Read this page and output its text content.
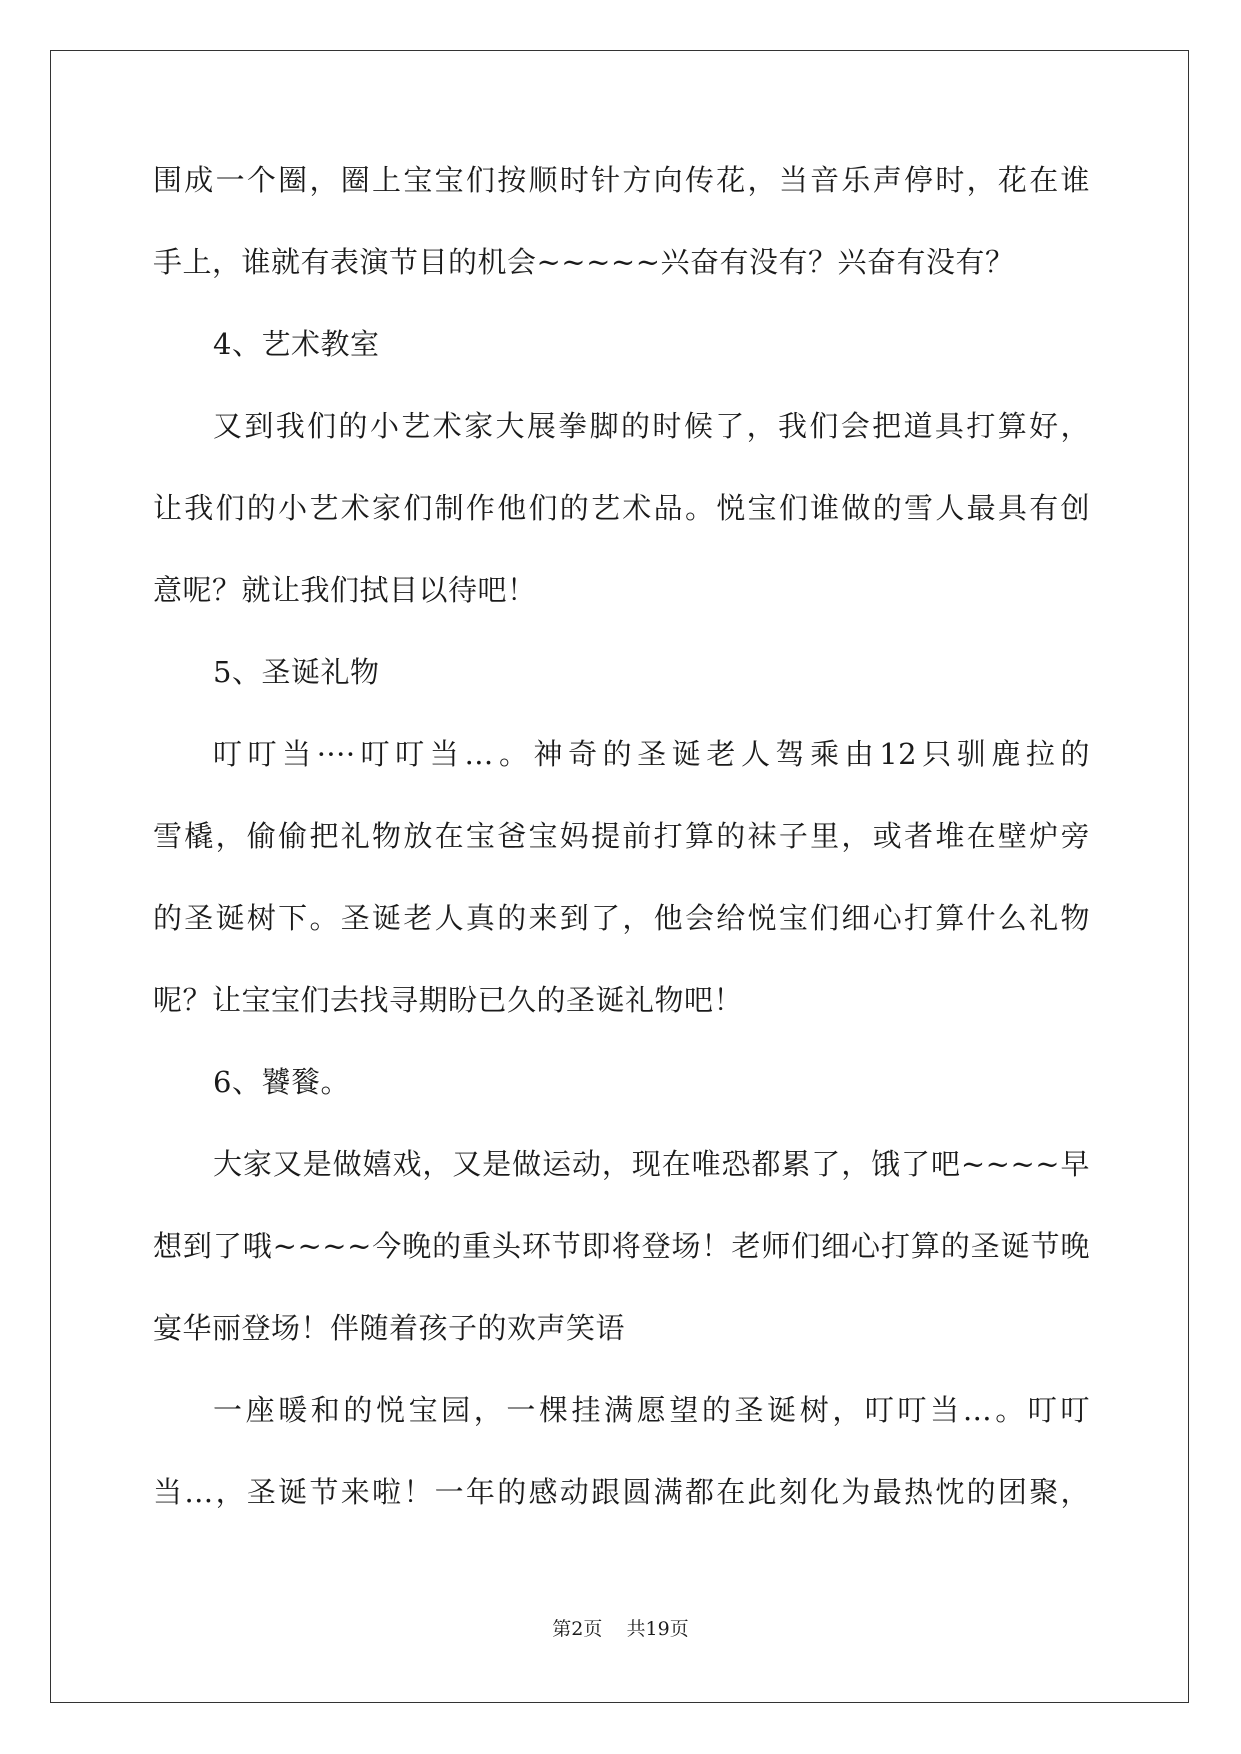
围成一个圈，圈上宝宝们按顺时针方向传花，当音乐声停时，花在谁
手上，谁就有表演节目的机会~~~~~兴奋有没有？兴奋有没有？
4、艺术教室
又到我们的小艺术家大展拳脚的时候了，我们会把道具打算好，
让我们的小艺术家们制作他们的艺术品。悦宝们谁做的雪人最具有创
意呢？就让我们拭目以待吧！
5、圣诞礼物
叮叮当····叮叮当…。神奇的圣诞老人驾乘由12只驯鹿拉的
雪橇，偷偷把礼物放在宝爸宝妈提前打算的袜子里，或者堆在壁炉旁
的圣诞树下。圣诞老人真的来到了，他会给悦宝们细心打算什么礼物
呢？让宝宝们去找寻期盼已久的圣诞礼物吧！
6、饕餮。
大家又是做嬉戏，又是做运动，现在唯恐都累了，饿了吧~~~~早
想到了哦~~~~今晚的重头环节即将登场！老师们细心打算的圣诞节晚
宴华丽登场！伴随着孩子的欢声笑语
一座暖和的悦宝园，一棵挂满愿望的圣诞树，叮叮当…。叮叮
当…，圣诞节来啦！一年的感动跟圆满都在此刻化为最热忱的团聚，
第2页    共19页
